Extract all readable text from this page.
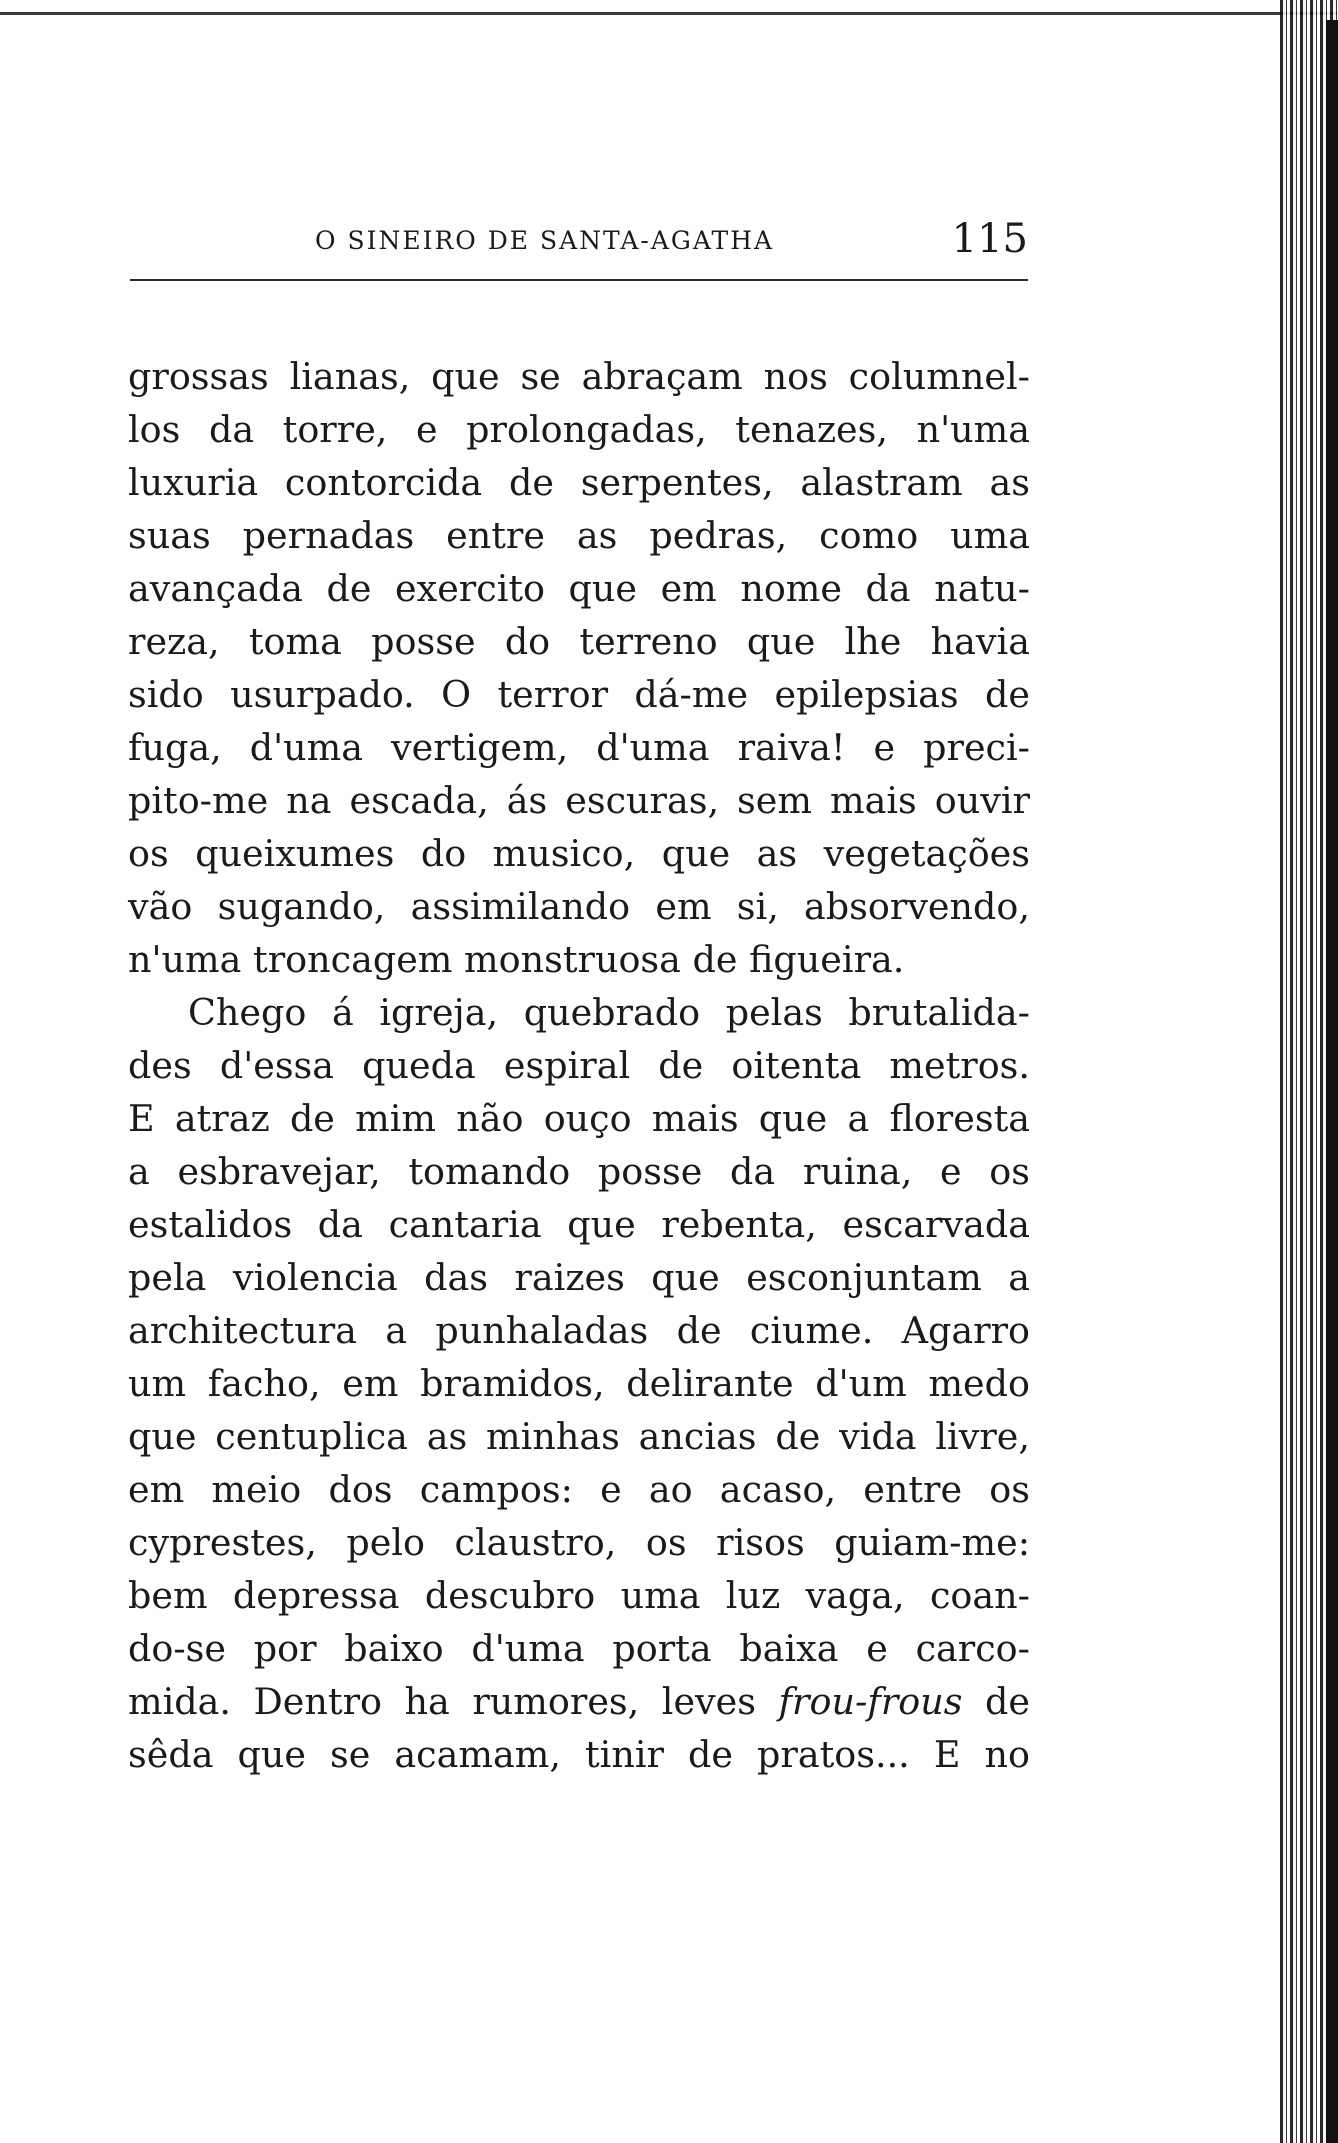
O SINEIRO DE SANTA-AGATHA	115
grossas lianas, que se abraçam nos columnel-
los da torre, e prolongadas, tenazes, n'uma
luxuria contorcida de serpentes, alastram as
suas pernadas entre as pedras, como uma
avançada de exercito que em nome da natu-
reza, toma posse do terreno que lhe havia
sido usurpado. O terror dá-me epilepsias de
fuga, d'uma vertigem, d'uma raiva! e preci-
pito-me na escada, ás escuras, sem mais ouvir
os queixumes do musico, que as vegetações
vão sugando, assimilando em si, absorvendo,
n'uma troncagem monstruosa de figueira.
Chego á igreja, quebrado pelas brutalida-
des d'essa queda espiral de oitenta metros.
E atraz de mim não ouço mais que a floresta
a esbravejar, tomando posse da ruina, e os
estalidos da cantaria que rebenta, escarvada
pela violencia das raizes que esconjuntam a
architectura a punhaladas de ciume. Agarro
um facho, em bramidos, delirante d'um medo
que centuplica as minhas ancias de vida livre,
em meio dos campos: e ao acaso, entre os
cyprestes, pelo claustro, os risos guiam-me:
bem depressa descubro uma luz vaga, coan-
do-se por baixo d'uma porta baixa e carco-
mida. Dentro ha rumores, leves frou-frous de
sêda que se acamam, tinir de pratos... E no
